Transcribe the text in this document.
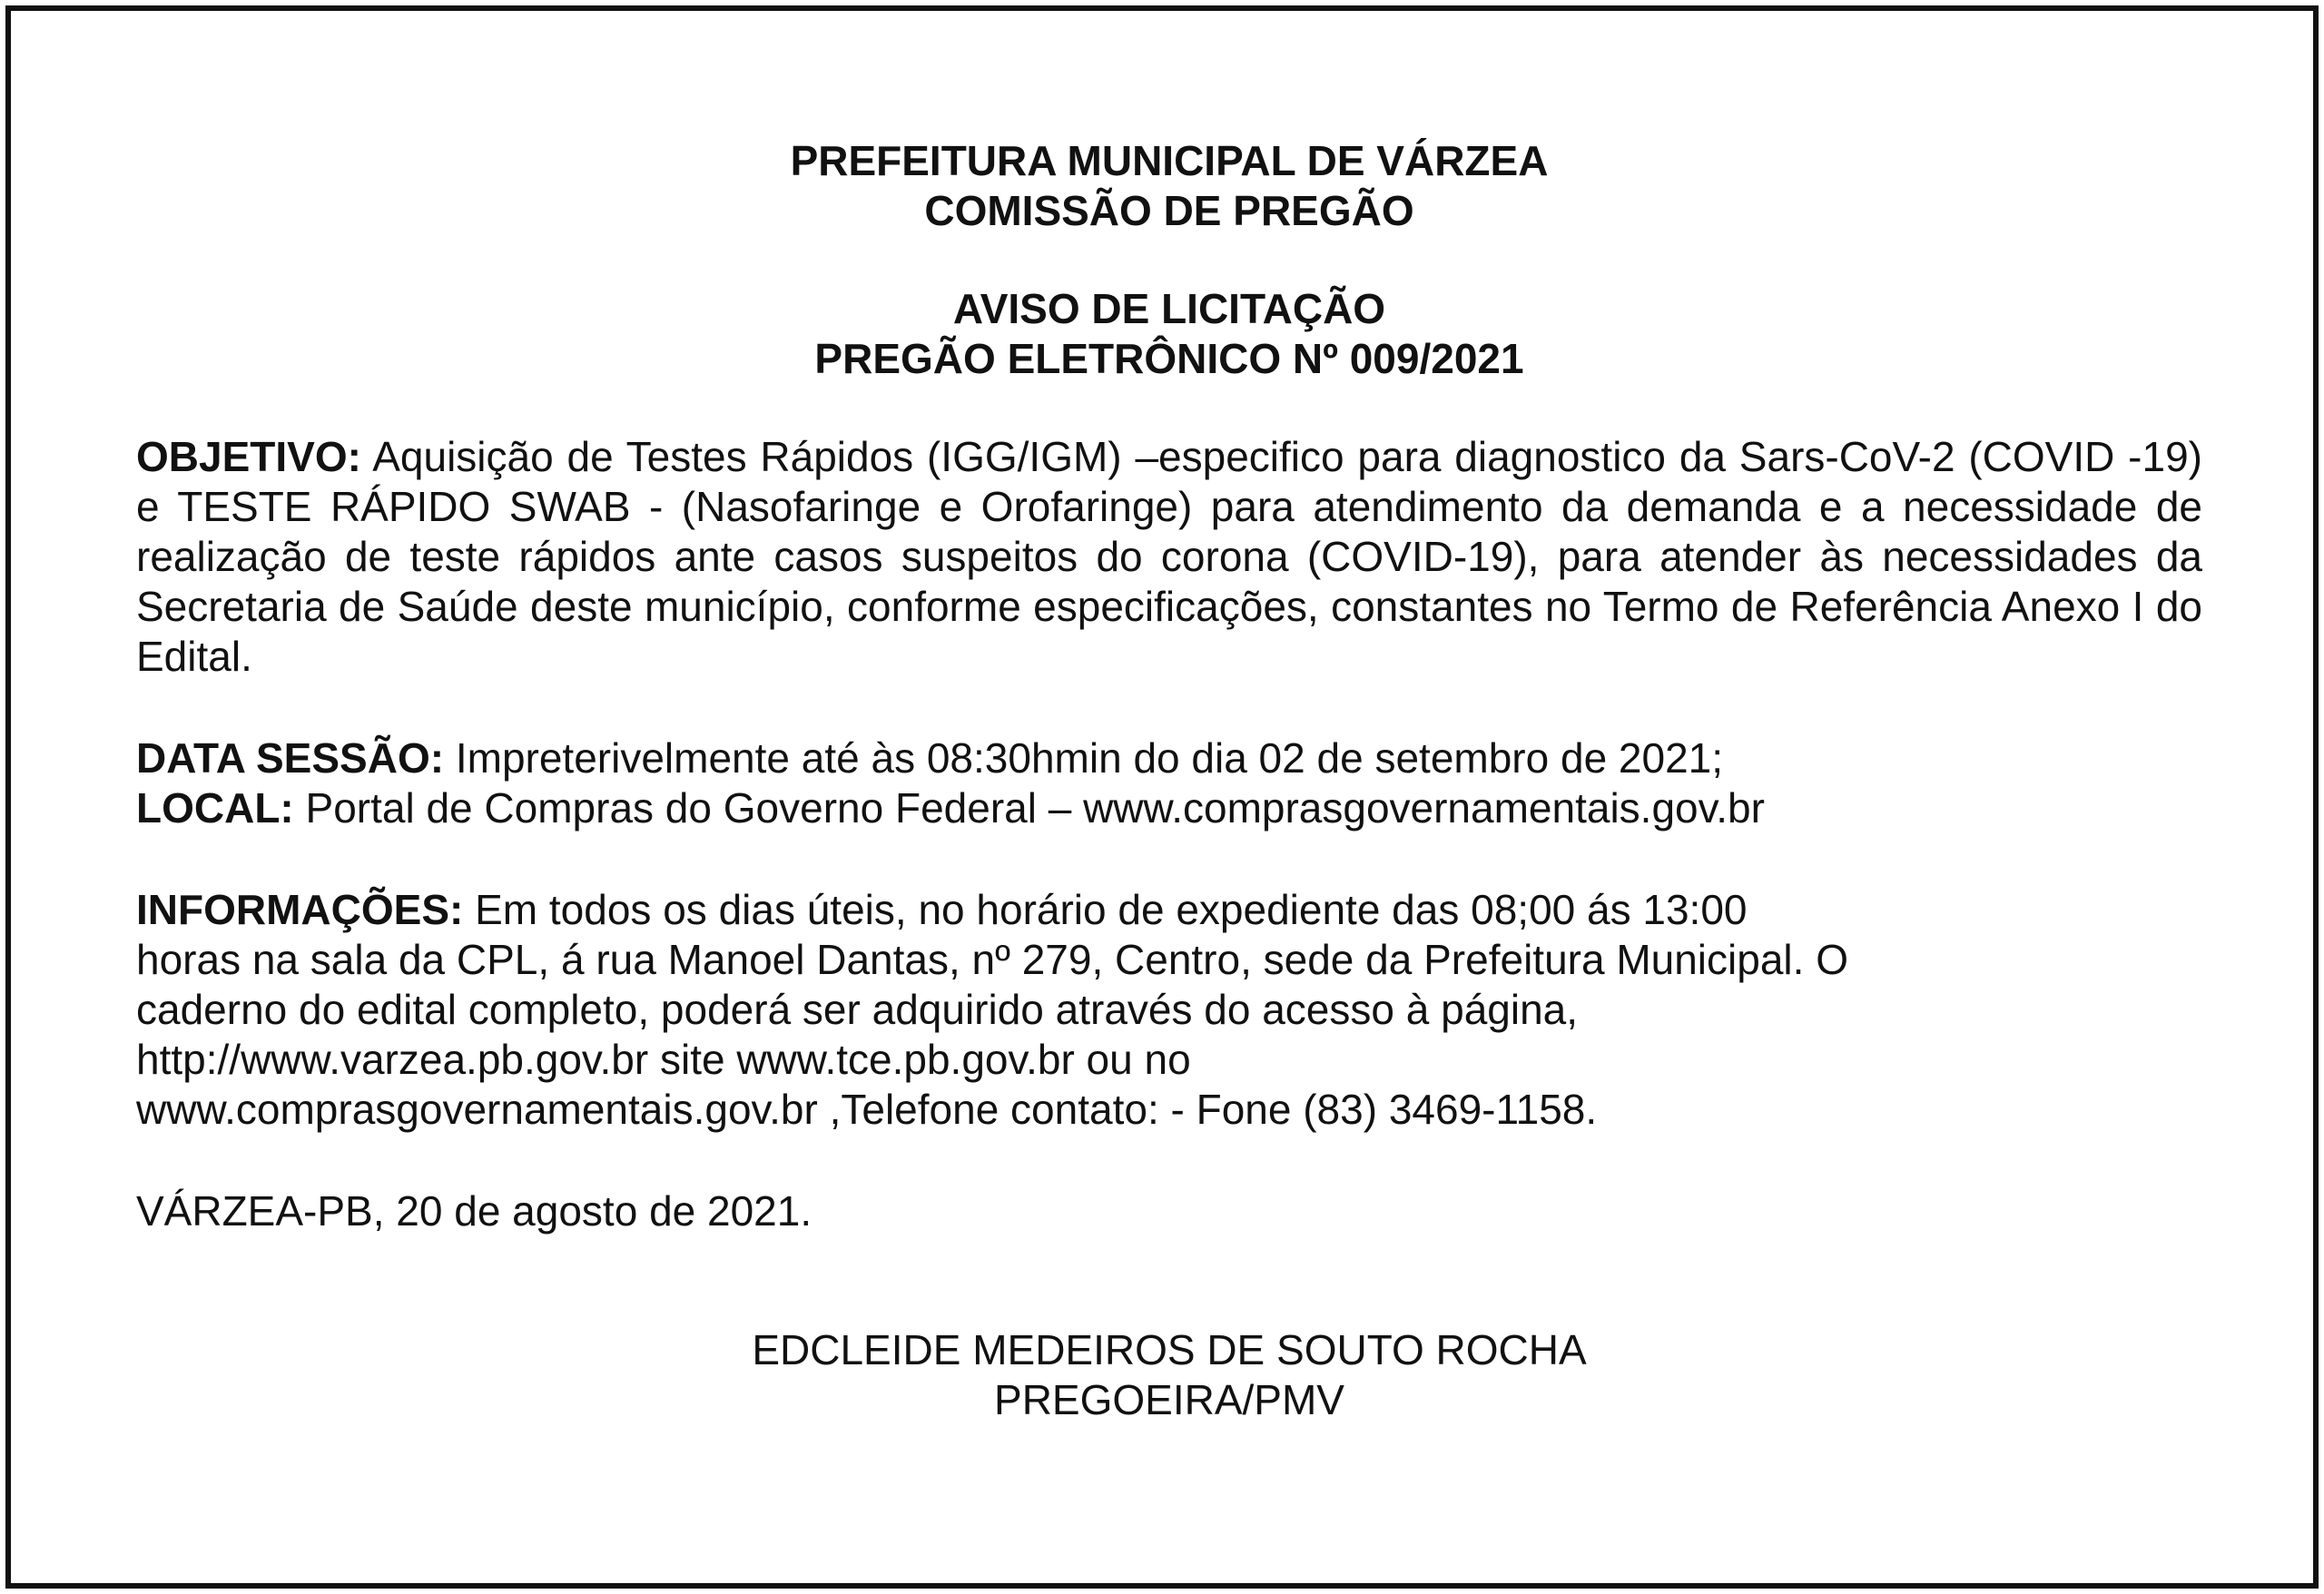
PREFEITURA MUNICIPAL DE VÁRZEA
COMISSÃO DE PREGÃO
AVISO DE LICITAÇÃO
PREGÃO ELETRÔNICO Nº 009/2021
OBJETIVO: Aquisição de Testes Rápidos (IGG/IGM) –especifico para diagnostico da Sars-CoV-2 (COVID -19) e TESTE RÁPIDO SWAB - (Nasofaringe e Orofaringe) para atendimento da demanda e a necessidade de realização de teste rápidos ante casos suspeitos do corona (COVID-19), para atender às necessidades da Secretaria de Saúde deste município, conforme especificações, constantes no Termo de Referência Anexo I do Edital.
DATA SESSÃO: Impreterivelmente até às 08:30hmin do dia 02 de setembro de 2021;
LOCAL: Portal de Compras do Governo Federal – www.comprasgovernamentais.gov.br
INFORMAÇÕES: Em todos os dias úteis, no horário de expediente das 08;00 ás 13:00
horas na sala da CPL, á rua Manoel Dantas, nº 279, Centro, sede da Prefeitura Municipal. O
caderno do edital completo, poderá ser adquirido através do acesso à página,
http://www.varzea.pb.gov.br site www.tce.pb.gov.br ou no
www.comprasgovernamentais.gov.br ,Telefone contato: - Fone (83) 3469-1158.
VÁRZEA-PB, 20 de agosto de 2021.
EDCLEIDE MEDEIROS DE SOUTO ROCHA
PREGOEIRA/PMV
